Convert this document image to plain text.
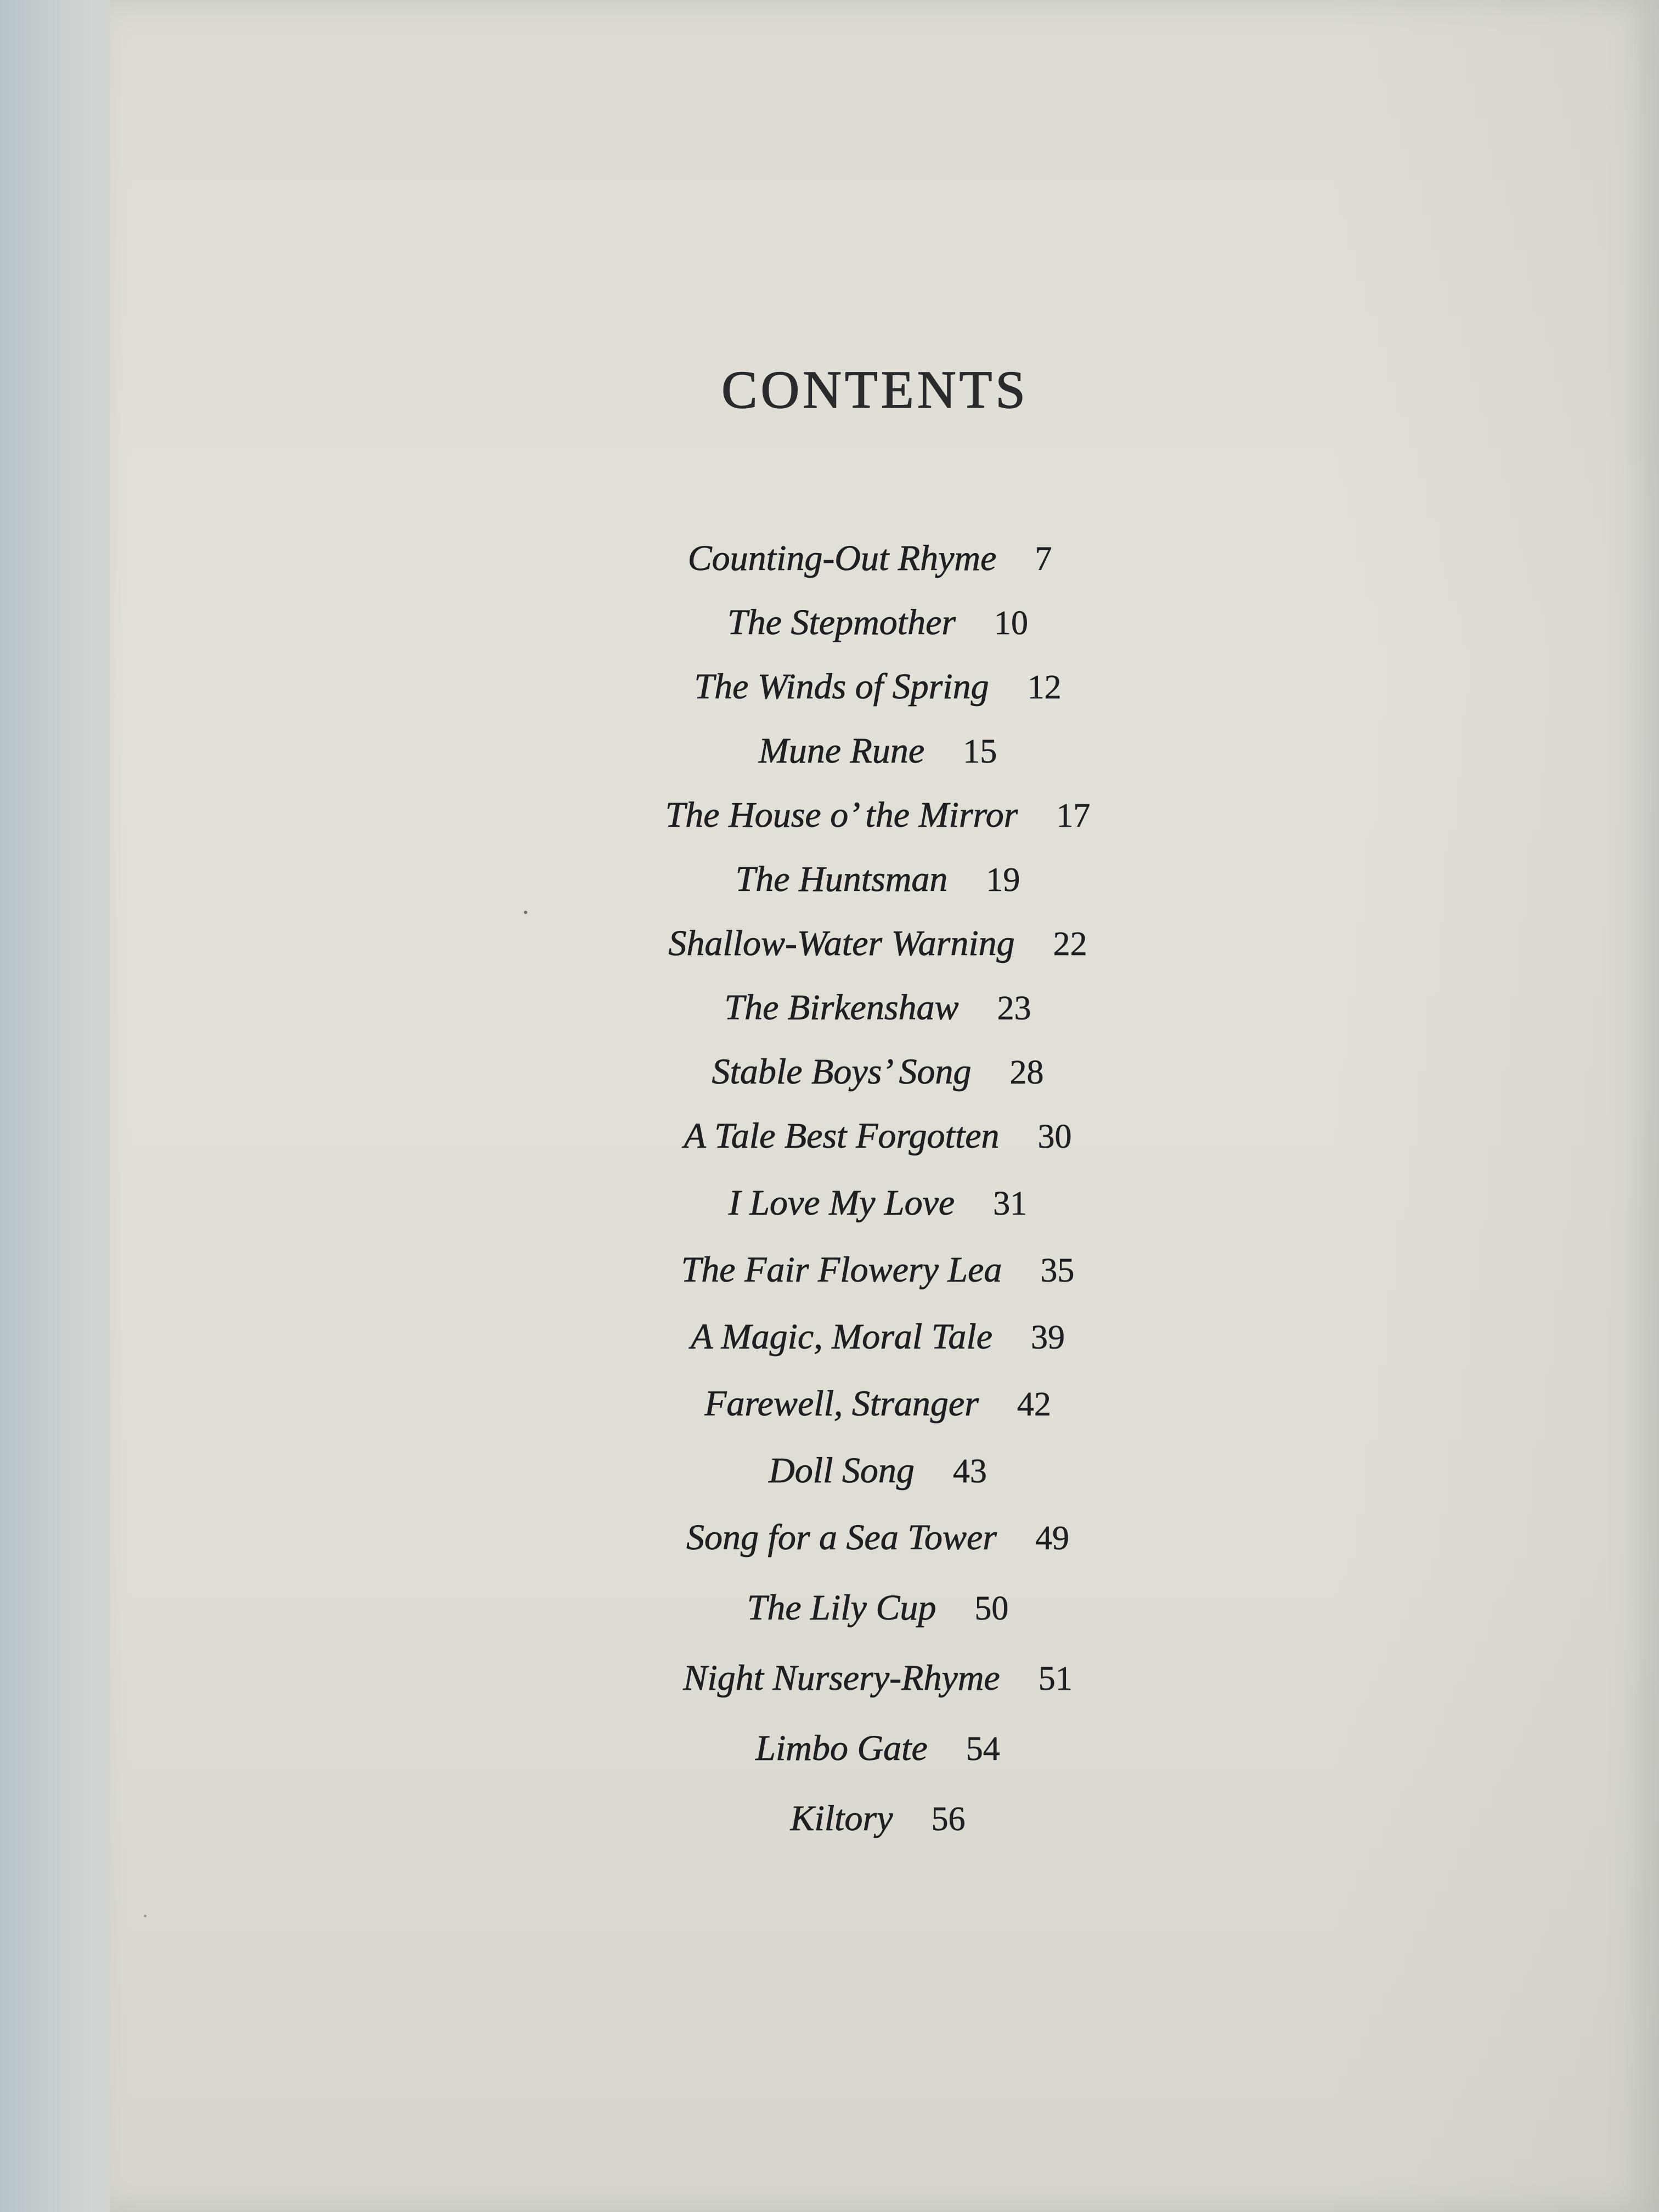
CONTENTS
Counting-Out Rhyme 7
The Stepmother 10
The Winds of Spring 12
Mune Rune 15
The House o’ the Mirror 17
The Huntsman 19
Shallow-Water Warning 22
The Birkenshaw 23
Stable Boys’ Song 28
A Tale Best Forgotten 30
I Love My Love 31
The Fair Flowery Lea 35
A Magic, Moral Tale 39
Farewell, Stranger 42
Doll Song 43
Song for a Sea Tower 49
The Lily Cup 50
Night Nursery-Rhyme 51
Limbo Gate 54
Kiltory 56
